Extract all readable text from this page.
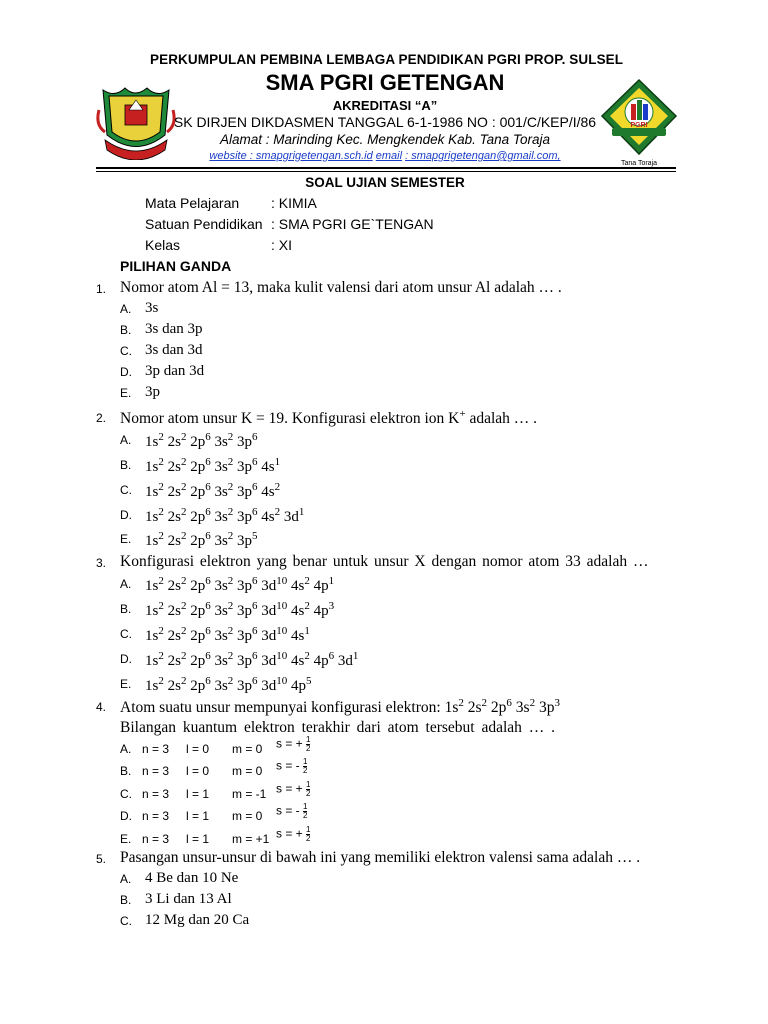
PGRI
Tana Toraja
PERKUMPULAN PEMBINA LEMBAGA PENDIDIKAN PGRI PROP. SULSEL
SMA PGRI GETENGAN
AKREDITASI “A”
SK DIRJEN DIKDASMEN TANGGAL 6-1-1986 NO : 001/C/KEP/I/86
Alamat : Marinding Kec. Mengkendek Kab. Tana Toraja
website : smapgrigetengan.sch.id email : smapgrigetengan@gmail.com,
SOAL UJIAN SEMESTER
Mata Pelajaran : KIMIA
Satuan Pendidikan : SMA PGRI GE`TENGAN
Kelas	: XI
PILIHAN GANDA
1. Nomor atom Al = 13, maka kulit valensi dari atom unsur Al adalah … .
A. 3s
B. 3s dan 3p
C. 3s dan 3d
D. 3p dan 3d
E. 3p
2. Nomor atom unsur K = 19. Konfigurasi elektron ion K+ adalah … .
A. $1s^2$ $2s^2$ $2p^6$ $3s^2$ $3p^6$
B. $1s^2$ $2s^2$ $2p^6$ $3s^2$ $3p^6$ $4s^1$
C. $1s^2$ $2s^2$ $2p^6$ $3s^2$ $3p^6$ $4s^2$
D. $1s^2$ $2s^2$ $2p^6$ $3s^2$ $3p^6$ $4s^2$ $3d^1$
E. $1s^2$ $2s^2$ $2p^6$ $3s^2$ $3p^5$
3. Konfigurasi elektron yang benar untuk unsur X dengan nomor atom 33 adalah …
A. $1s^2$ $2s^2$ $2p^6$ $3s^2$ $3p^6$ $3d^{10}$ $4s^2$ $4p^1$
B. $1s^2$ $2s^2$ $2p^6$ $3s^2$ $3p^6$ $3d^{10}$ $4s^2$ $4p^3$
C. $1s^2$ $2s^2$ $2p^6$ $3s^2$ $3p^6$ $3d^{10}$ $4s^1$
D. $1s^2$ $2s^2$ $2p^6$ $3s^2$ $3p^6$ $3d^{10}$ $4s^2$ $4p^6$ $3d^1$
E. $1s^2$ $2s^2$ $2p^6$ $3s^2$ $3p^6$ $3d^{10}$ $4p^5$
4. Atom suatu unsur mempunyai konfigurasi elektron: $1s^2$ $2s^2$ $2p^6$ $3s^2$ $3p^3$
Bilangan kuantum elektron terakhir dari atom tersebut adalah … .
A. n = 3 l = 0 m = 0 s = + $\frac{1}{2}$
B. n = 3 l = 0 m = 0 s = - $\frac{1}{2}$
C. n = 3 l = 1 m = -1 s = + $\frac{1}{2}$
D. n = 3 l = 1 m = 0 s = - $\frac{1}{2}$
E. n = 3 l = 1 m = +1 s = + $\frac{1}{2}$
5. Pasangan unsur-unsur di bawah ini yang memiliki elektron valensi sama adalah … .
A. 4 Be dan 10 Ne
B. 3 Li dan 13 Al
C. 12 Mg dan 20 Ca
